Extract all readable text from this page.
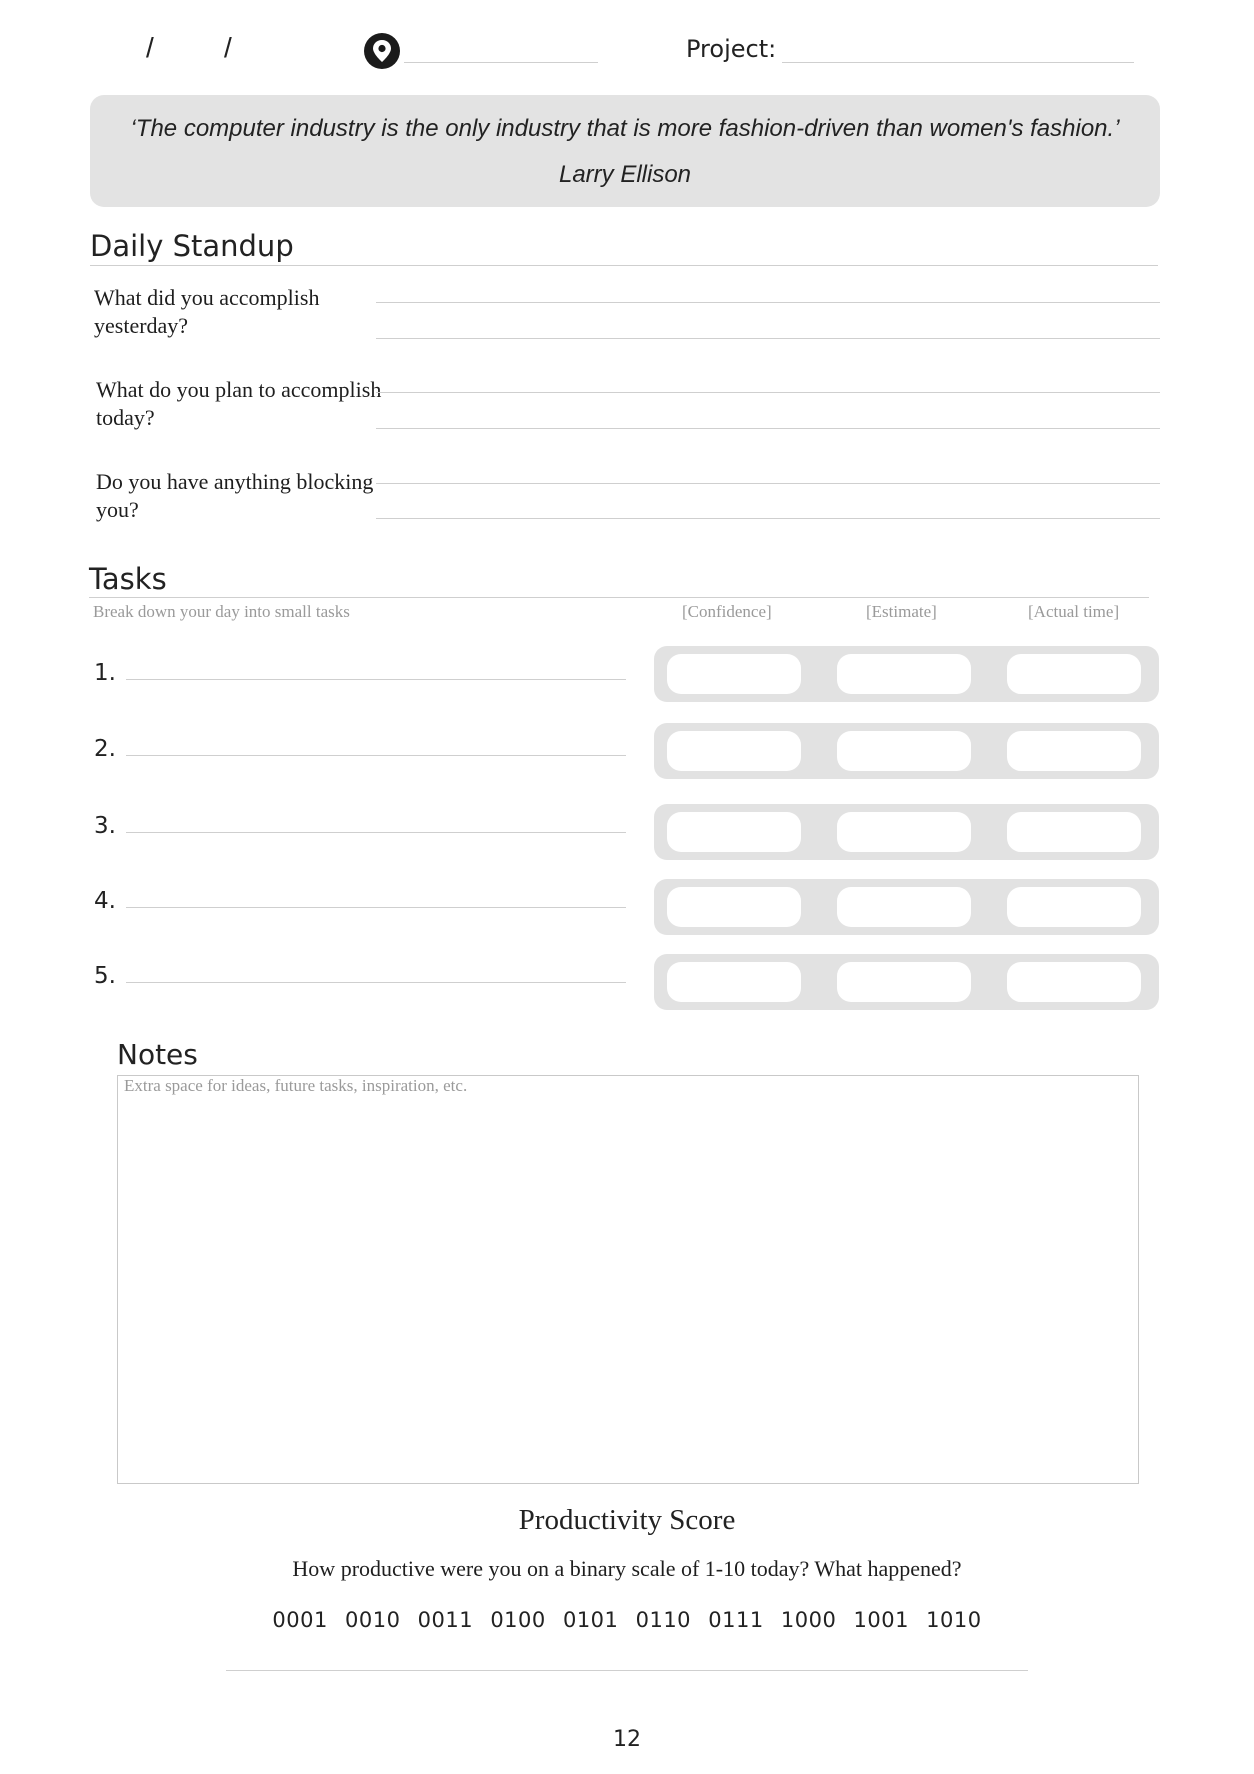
/	/	Project:
‘The computer industry is the only industry that is more fashion-driven than women's fashion.’
Larry Ellison
Daily Standup
What did you accomplish yesterday?
What do you plan to accomplish today?
Do you have anything blocking you?
Tasks
Break down your day into small tasks	[Confidence]	[Estimate]	[Actual time]
1.
2.
3.
4.
5.
Notes
Extra space for ideas, future tasks, inspiration, etc.
Productivity Score
How productive were you on a binary scale of 1-10 today? What happened?
0001 0010 0011 0100 0101 0110 0111 1000 1001 1010
12
